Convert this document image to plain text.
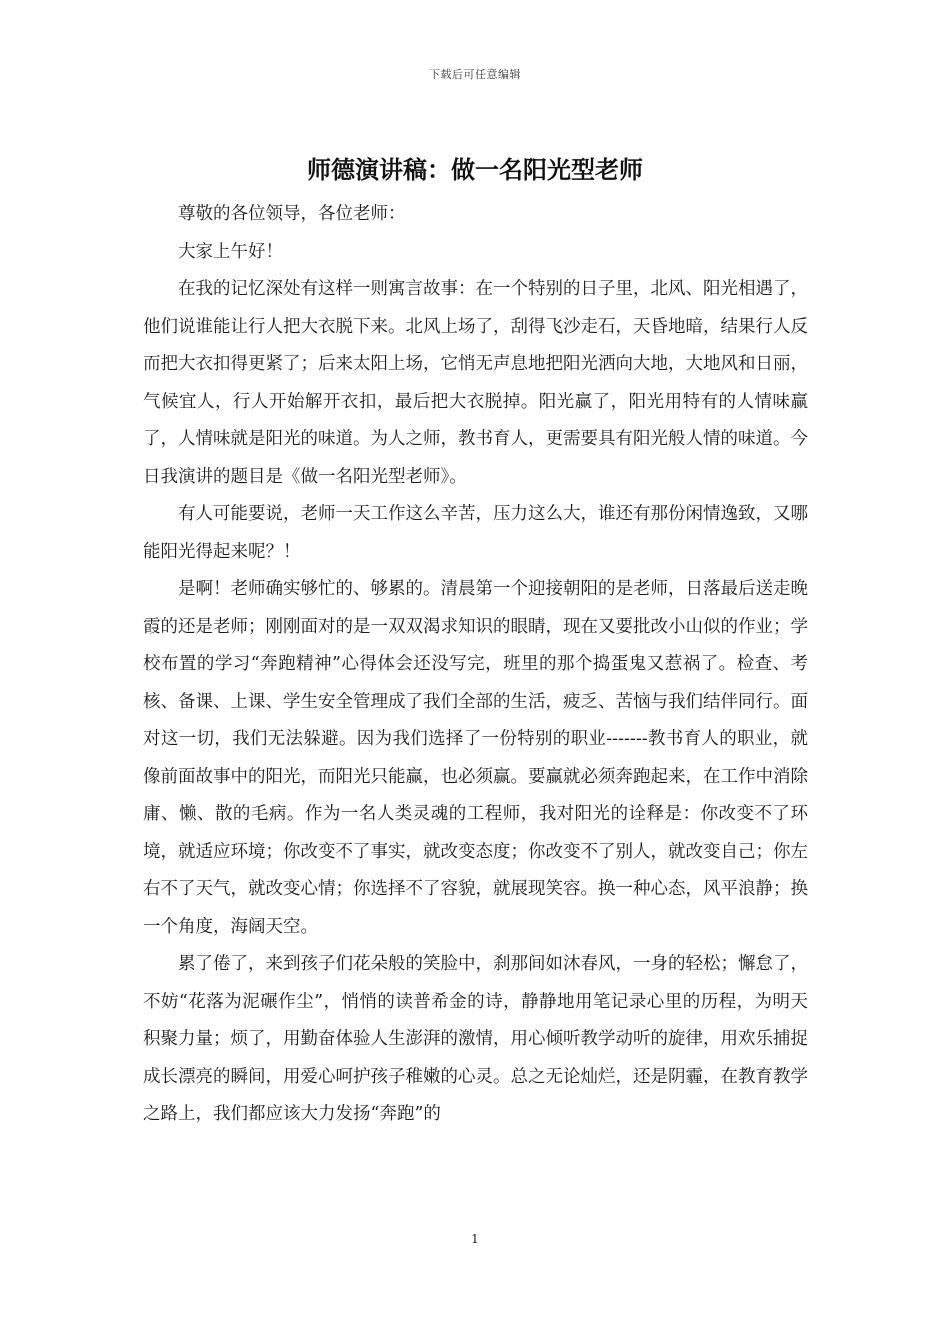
下载后可任意编辑
师德演讲稿：做一名阳光型老师

尊敬的各位领导，各位老师：

大家上午好！

在我的记忆深处有这样一则寓言故事：在一个特别的日子里，北风、阳光相遇了，他们说谁能让行人把大衣脱下来。北风上场了，刮得飞沙走石，天昏地暗，结果行人反而把大衣扣得更紧了；后来太阳上场，它悄无声息地把阳光洒向大地，大地风和日丽，气候宜人，行人开始解开衣扣，最后把大衣脱掉。阳光赢了，阳光用特有的人情味赢了，人情味就是阳光的味道。为人之师，教书育人，更需要具有阳光般人情的味道。今日我演讲的题目是《做一名阳光型老师》。

有人可能要说，老师一天工作这么辛苦，压力这么大，谁还有那份闲情逸致，又哪能阳光得起来呢？！

是啊！老师确实够忙的、够累的。清晨第一个迎接朝阳的是老师，日落最后送走晚霞的还是老师；刚刚面对的是一双双渴求知识的眼睛，现在又要批改小山似的作业；学校布置的学习“奔跑精神”心得体会还没写完，班里的那个捣蛋鬼又惹祸了。检查、考核、备课、上课、学生安全管理成了我们全部的生活，疲乏、苦恼与我们结伴同行。面对这一切，我们无法躲避。因为我们选择了一份特别的职业-------教书育人的职业，就像前面故事中的阳光，而阳光只能赢，也必须赢。要赢就必须奔跑起来，在工作中消除庸、懒、散的毛病。作为一名人类灵魂的工程师，我对阳光的诠释是：你改变不了环境，就适应环境；你改变不了事实，就改变态度；你改变不了别人，就改变自己；你左右不了天气，就改变心情；你选择不了容貌，就展现笑容。换一种心态，风平浪静；换一个角度，海阔天空。

累了倦了，来到孩子们花朵般的笑脸中，刹那间如沐春风，一身的轻松；懈怠了，不妨“花落为泥碾作尘”，悄悄的读普希金的诗，静静地用笔记录心里的历程，为明天积聚力量；烦了，用勤奋体验人生澎湃的激情，用心倾听教学动听的旋律，用欢乐捕捉成长漂亮的瞬间，用爱心呵护孩子稚嫩的心灵。总之无论灿烂，还是阴霾，在教育教学之路上，我们都应该大力发扬“奔跑”的

1
